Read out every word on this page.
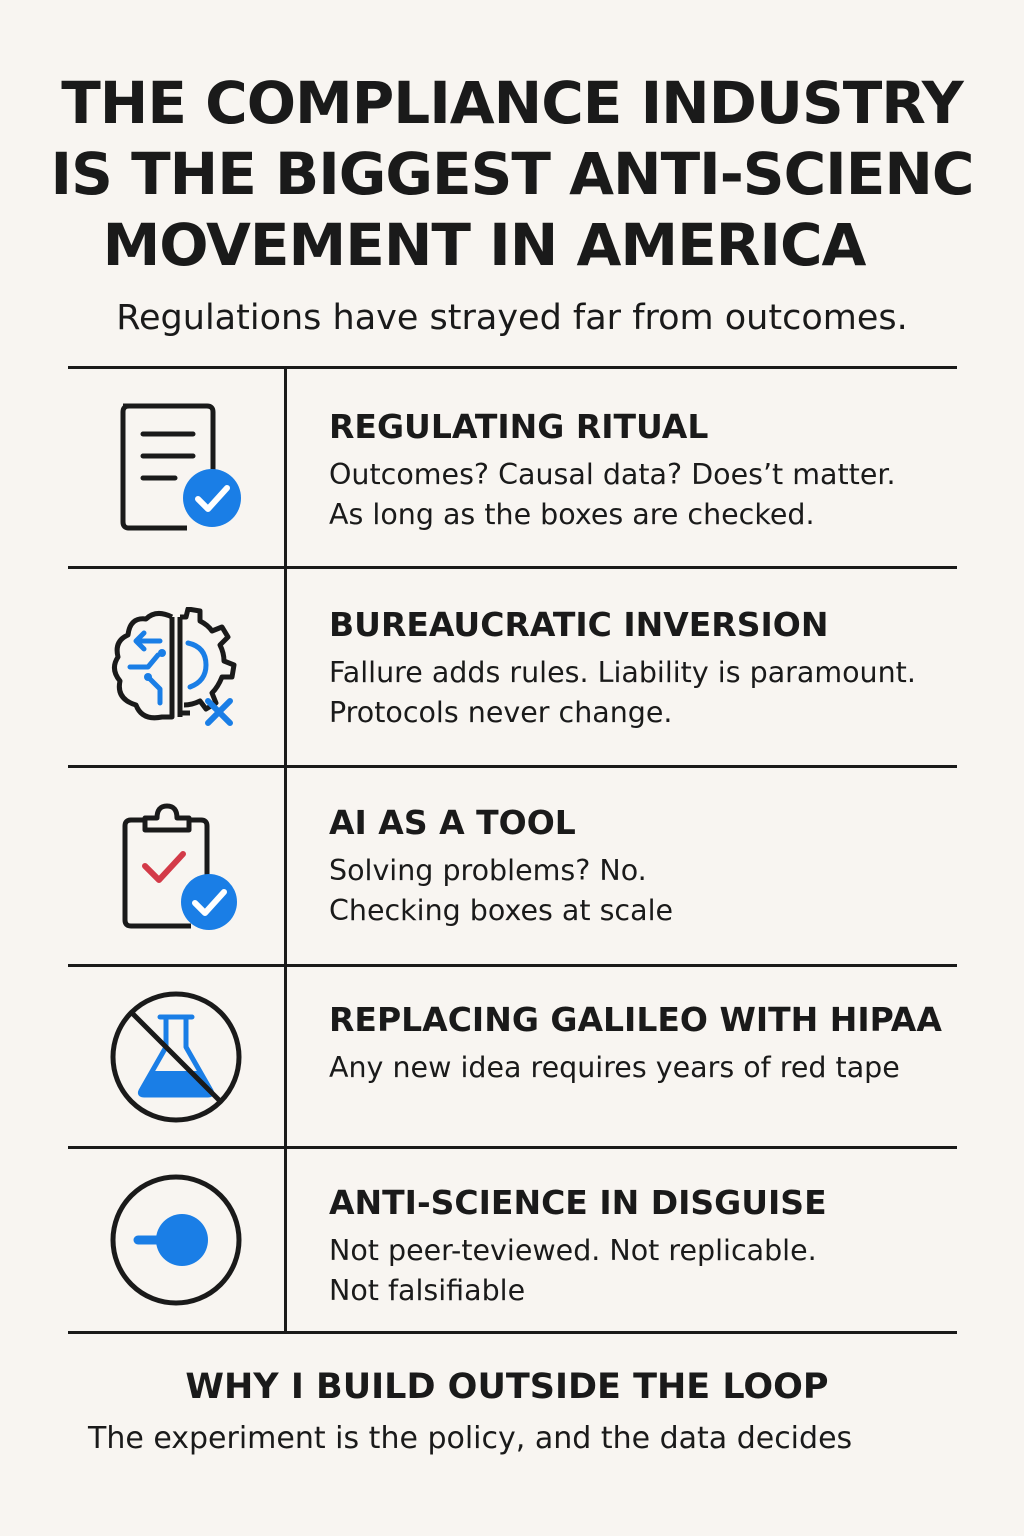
THE COMPLIANCE INDUSTRY
IS THE BIGGEST ANTI-SCIENC
MOVEMENT IN AMERICA
Regulations have strayed far from outcomes.
REGULATING RITUAL
Outcomes? Causal data? Does’t matter.
As long as the boxes are checked.
BUREAUCRATIC INVERSION
Fallure adds rules. Liability is paramount.
Protocols never change.
AI AS A TOOL
Solving problems? No.
Checking boxes at scale
REPLACING GALILEO WITH HIPAA
Any new idea requires years of red tape
ANTI-SCIENCE IN DISGUISE
Not peer-teviewed. Not replicable.
Not falsifiable
WHY I BUILD OUTSIDE THE LOOP
The experiment is the policy, and the data decides
